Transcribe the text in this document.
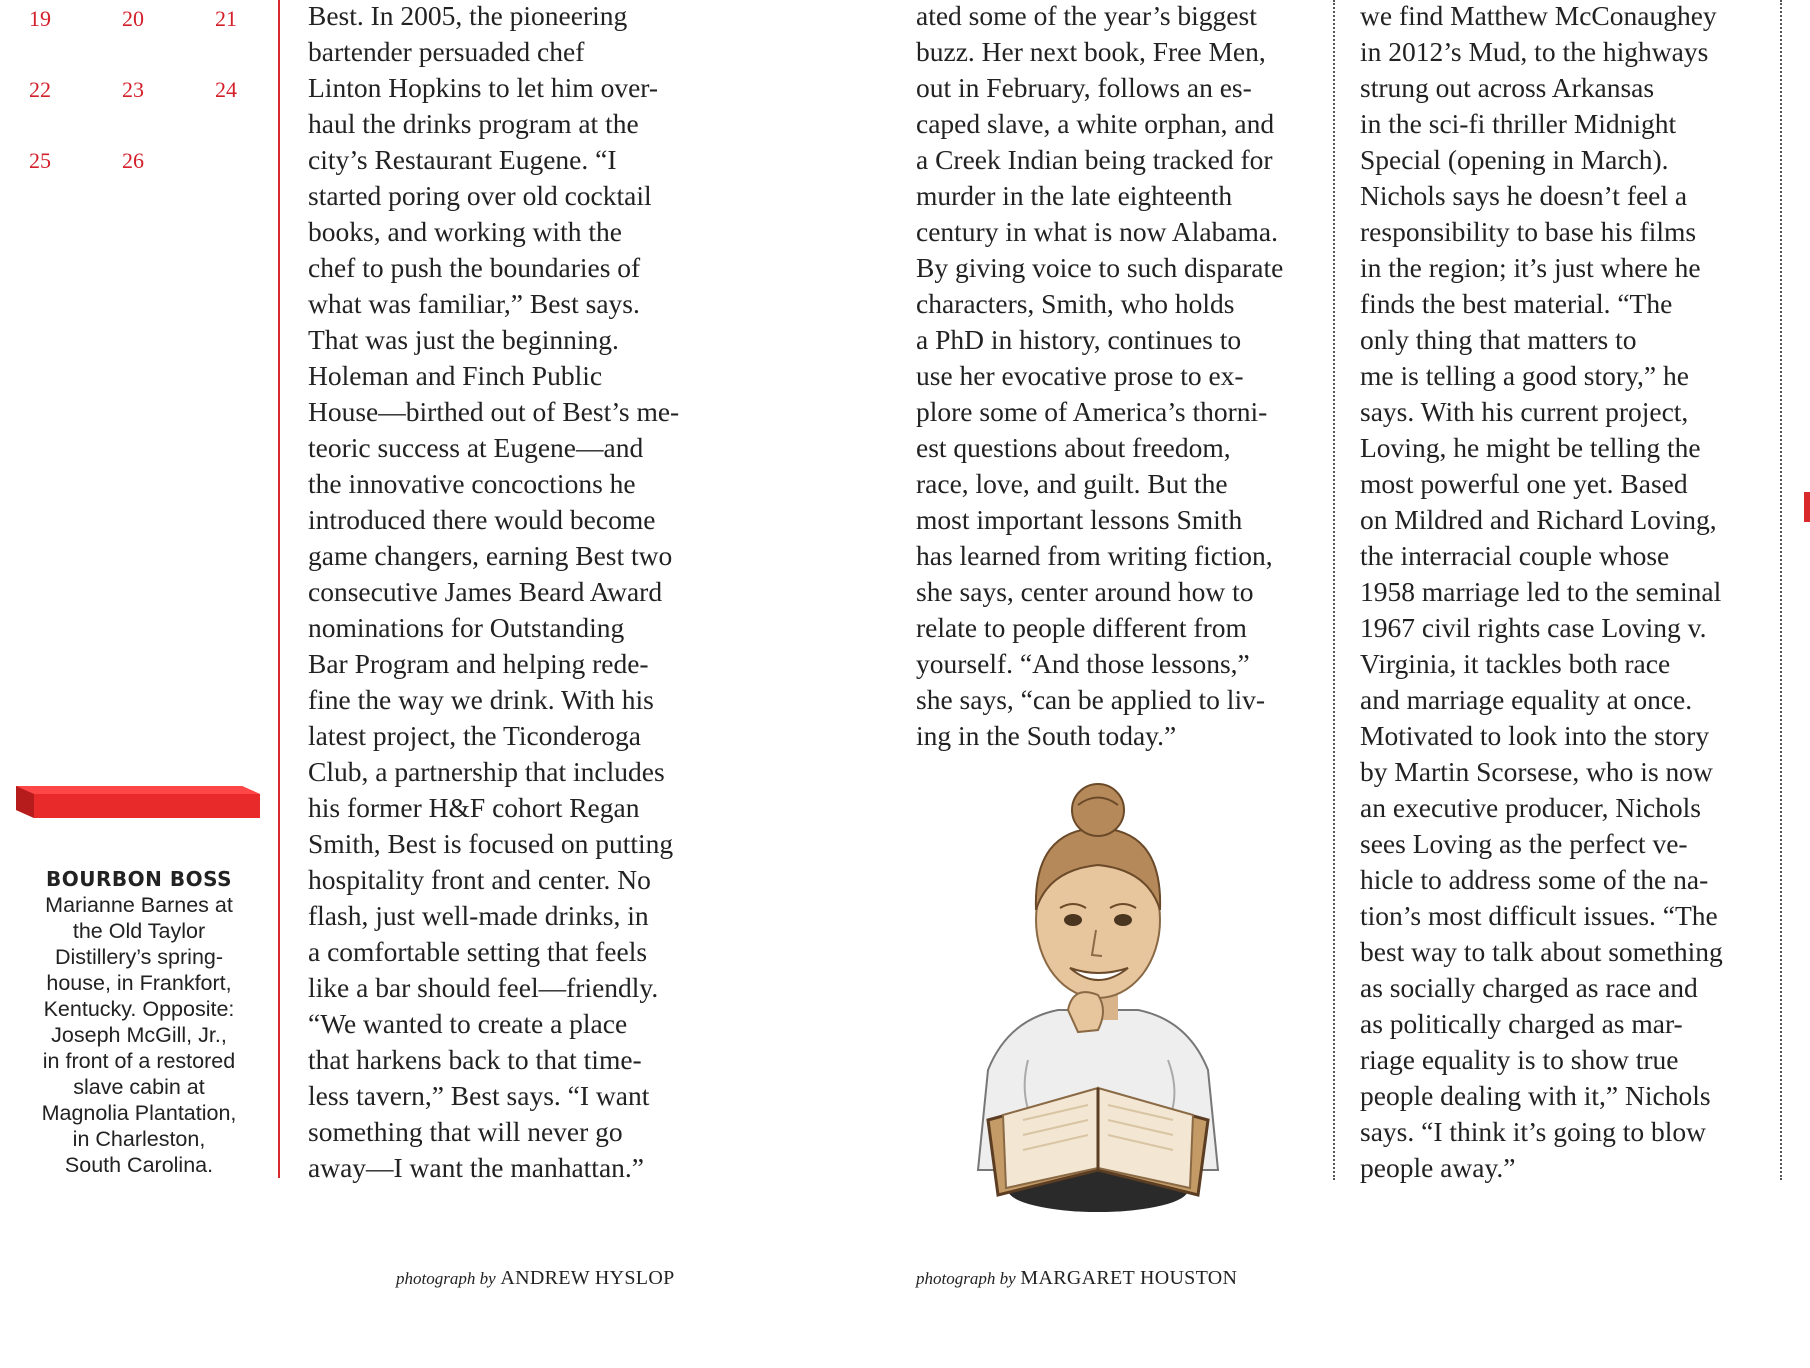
19	20	21
22	23	24
25	26
BOURBON BOSS
Marianne Barnes at
the Old Taylor
Distillery’s spring-
house, in Frankfort,
Kentucky. Opposite:
Joseph McGill, Jr.,
in front of a restored
slave cabin at
Magnolia Plantation,
in Charleston,
South Carolina.
Best. In 2005, the pioneering
bartender persuaded chef
Linton Hopkins to let him over-
haul the drinks program at the
city’s Restaurant Eugene. “I
started poring over old cocktail
books, and working with the
chef to push the boundaries of
what was familiar,” Best says.
That was just the beginning.
Holeman and Finch Public
House—birthed out of Best’s me-
teoric success at Eugene—and
the innovative concoctions he
introduced there would become
game changers, earning Best two
consecutive James Beard Award
nominations for Outstanding
Bar Program and helping rede-
fine the way we drink. With his
latest project, the Ticonderoga
Club, a partnership that includes
his former H&F cohort Regan
Smith, Best is focused on putting
hospitality front and center. No
flash, just well-made drinks, in
a comfortable setting that feels
like a bar should feel—friendly.
“We wanted to create a place
that harkens back to that time-
less tavern,” Best says. “I want
something that will never go
away—I want the manhattan.”
ated some of the year’s biggest
buzz. Her next book, Free Men,
out in February, follows an es-
caped slave, a white orphan, and
a Creek Indian being tracked for
murder in the late eighteenth
century in what is now Alabama.
By giving voice to such disparate
characters, Smith, who holds
a PhD in history, continues to
use her evocative prose to ex-
plore some of America’s thorni-
est questions about freedom,
race, love, and guilt. But the
most important lessons Smith
has learned from writing fiction,
she says, center around how to
relate to people different from
yourself. “And those lessons,”
she says, “can be applied to liv-
ing in the South today.”
we find Matthew McConaughey
in 2012’s Mud, to the highways
strung out across Arkansas
in the sci-fi thriller Midnight
Special (opening in March).
Nichols says he doesn’t feel a
responsibility to base his films
in the region; it’s just where he
finds the best material. “The
only thing that matters to
me is telling a good story,” he
says. With his current project,
Loving, he might be telling the
most powerful one yet. Based
on Mildred and Richard Loving,
the interracial couple whose
1958 marriage led to the seminal
1967 civil rights case Loving v.
Virginia, it tackles both race
and marriage equality at once.
Motivated to look into the story
by Martin Scorsese, who is now
an executive producer, Nichols
sees Loving as the perfect ve-
hicle to address some of the na-
tion’s most difficult issues. “The
best way to talk about something
as socially charged as race and
as politically charged as mar-
riage equality is to show true
people dealing with it,” Nichols
says. “I think it’s going to blow
people away.”
photograph by ANDREW HYSLOP	photograph by MARGARET HOUSTON
